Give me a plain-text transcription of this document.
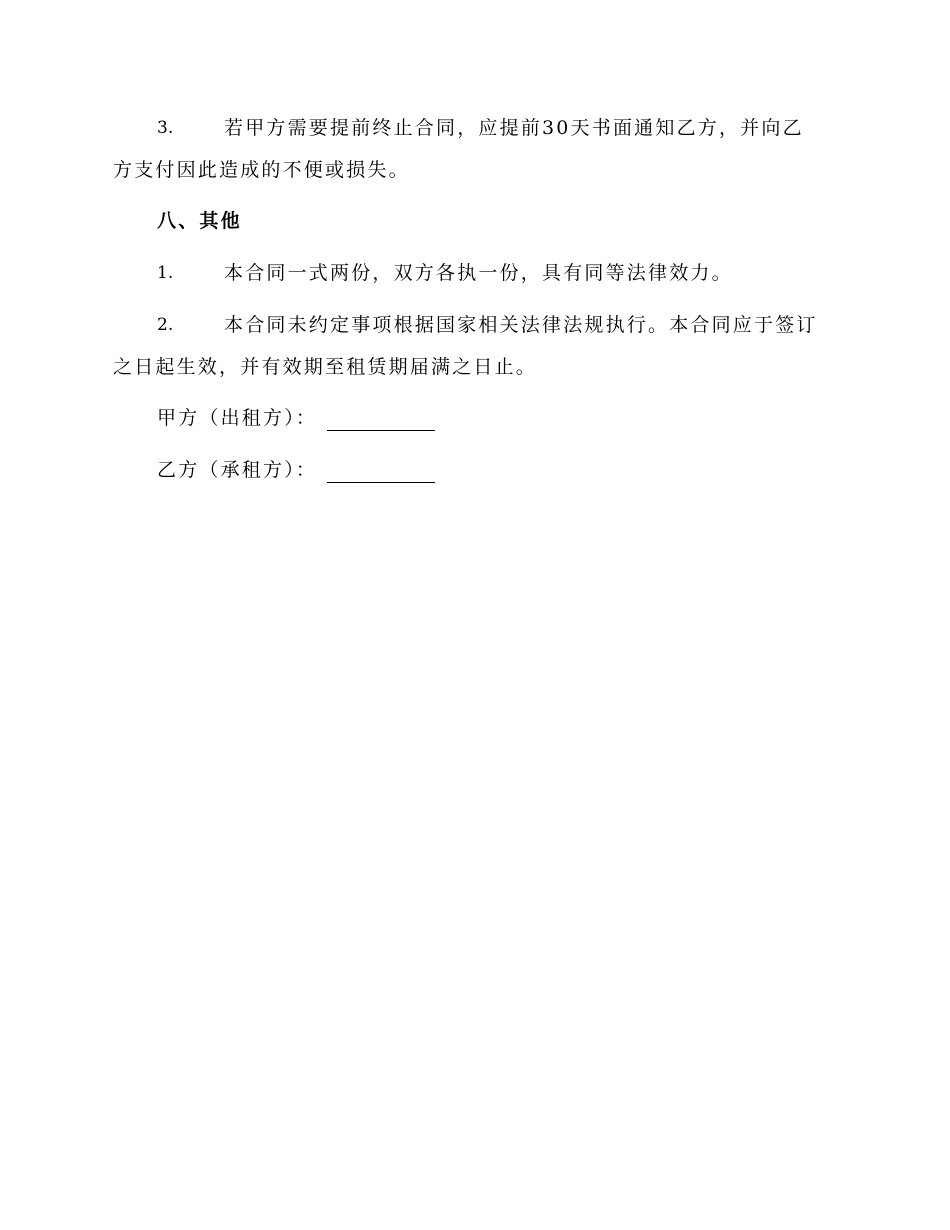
3.	若甲方需要提前终止合同，应提前30天书面通知乙方，并向乙
方支付因此造成的不便或损失。
八、其他
1.	本合同一式两份，双方各执一份，具有同等法律效力。
2.	本合同未约定事项根据国家相关法律法规执行。本合同应于签订
之日起生效，并有效期至租赁期届满之日止。
甲方（出租方）：
乙方（承租方）：
